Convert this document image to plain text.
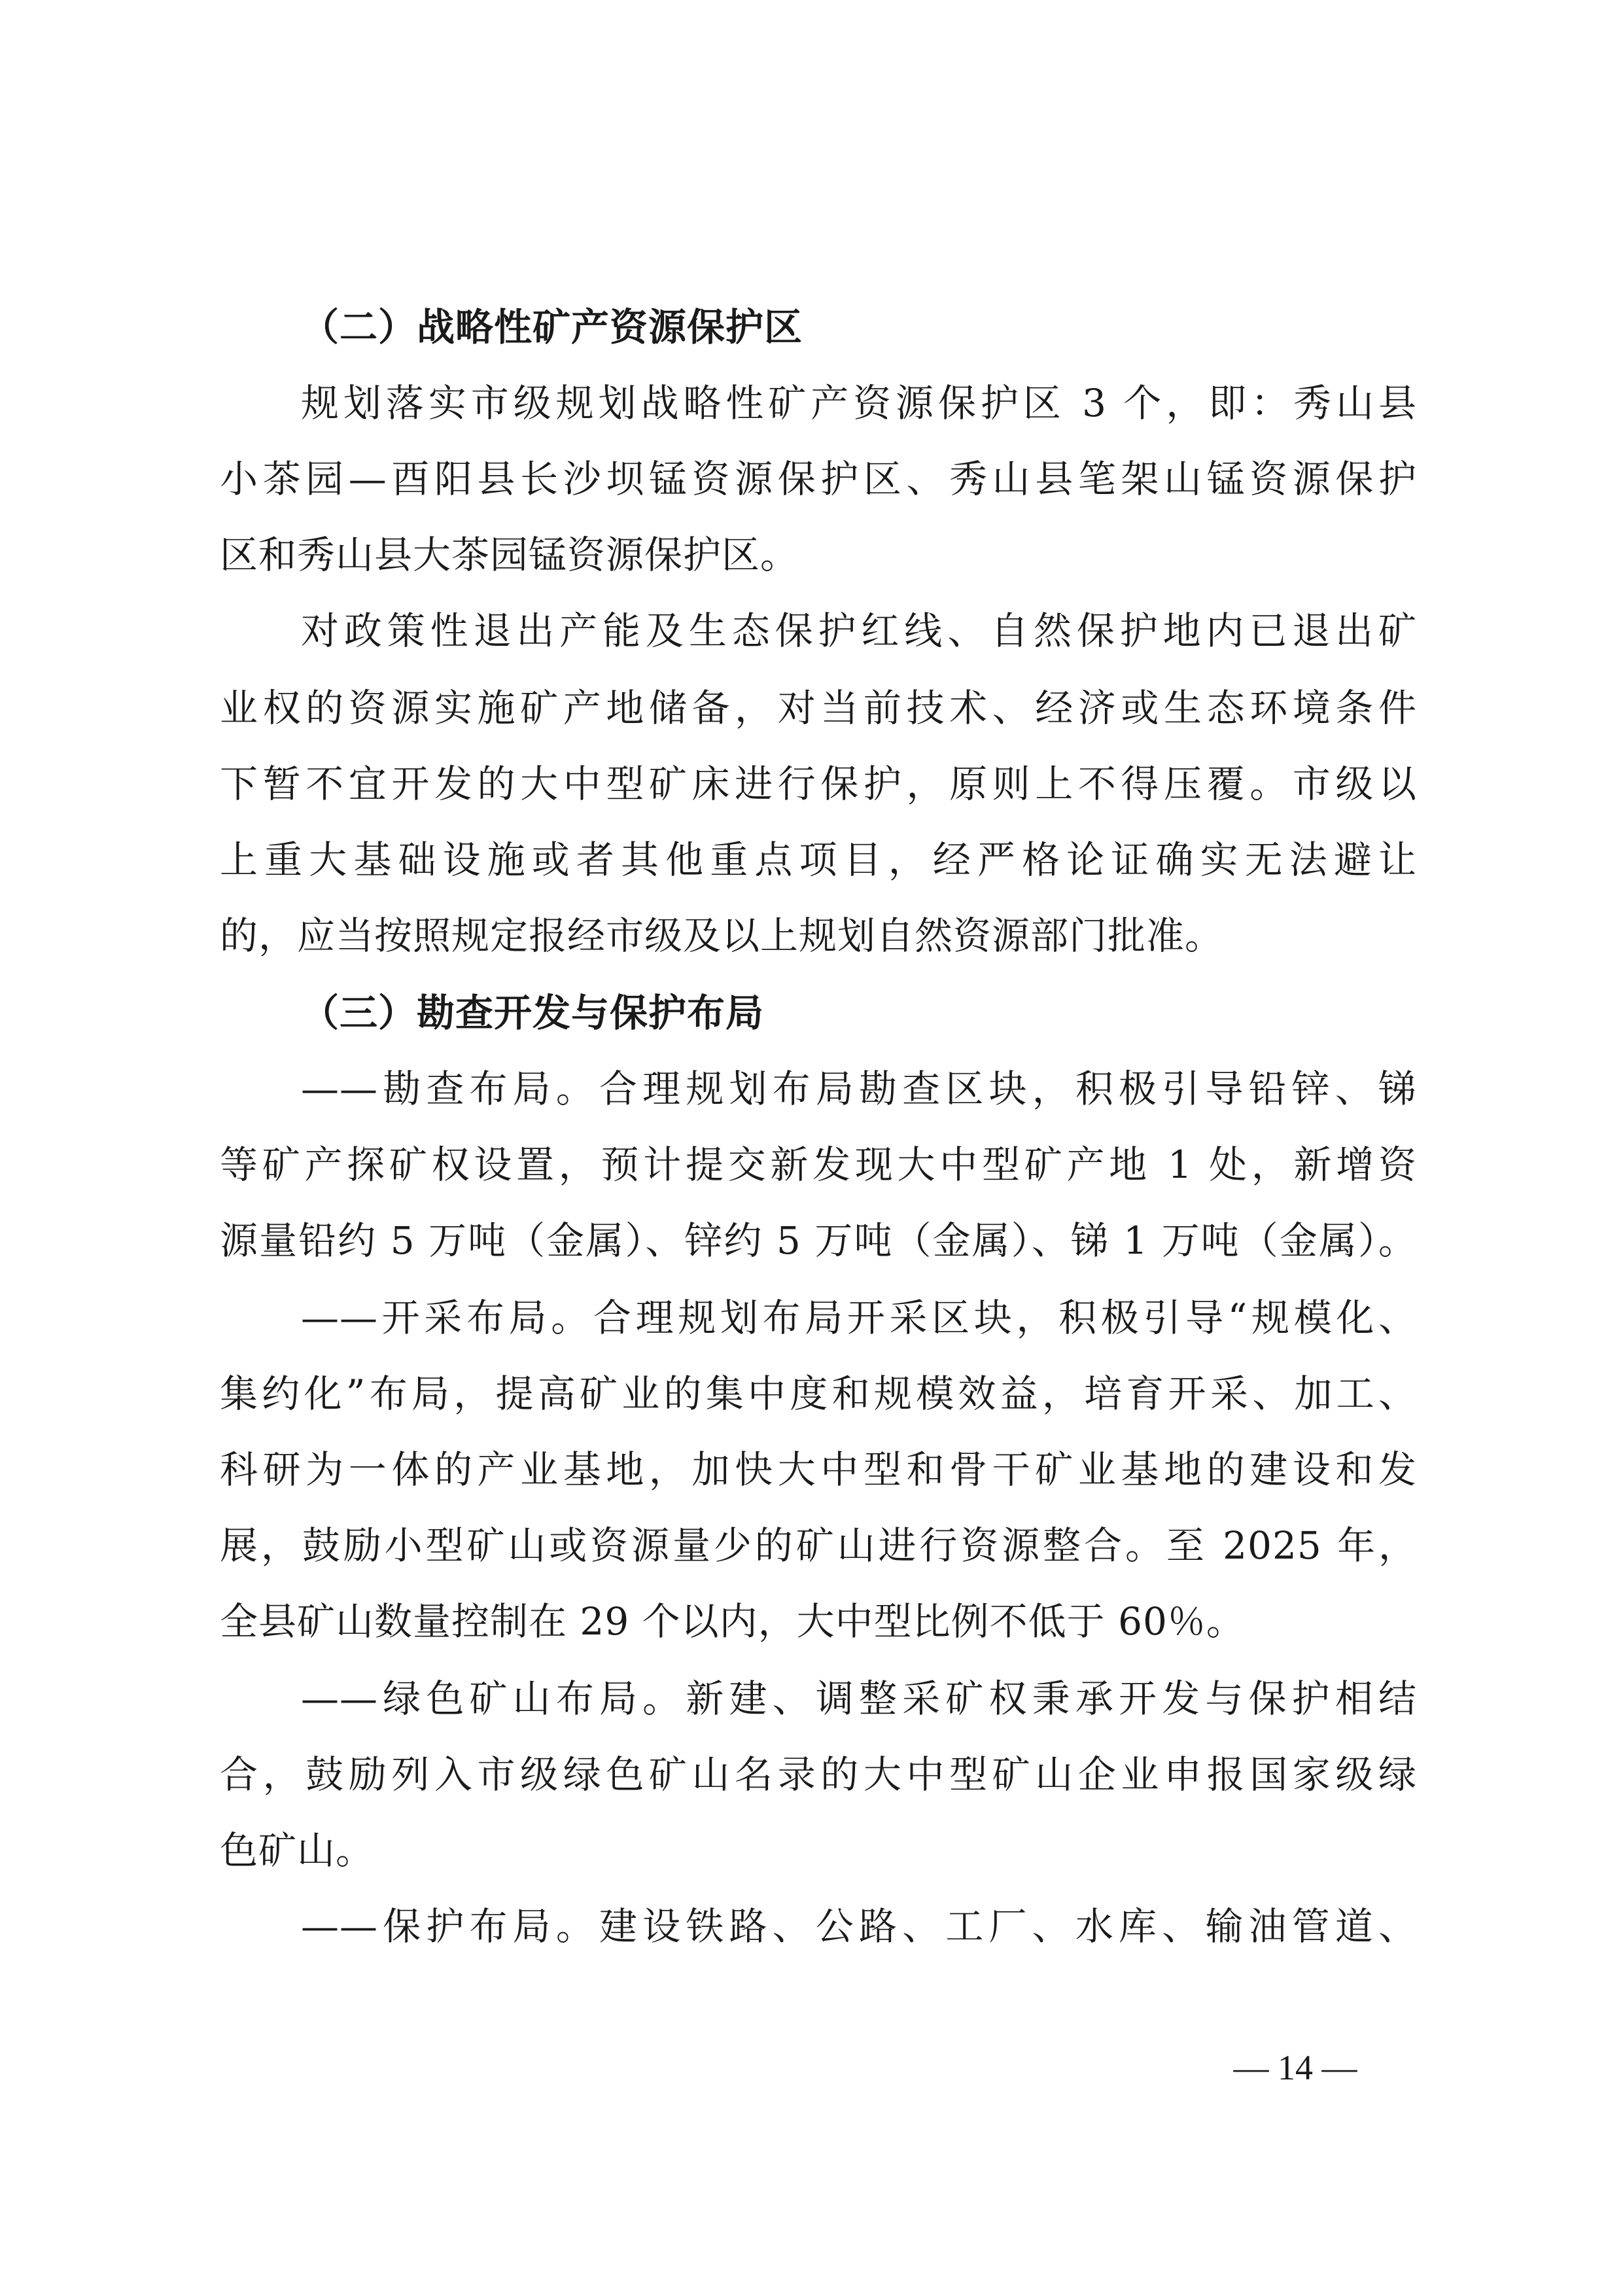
（二）战略性矿产资源保护区
规划落实市级规划战略性矿产资源保护区 3 个，即：秀山县
小茶园—酉阳县长沙坝锰资源保护区、秀山县笔架山锰资源保护
区和秀山县大茶园锰资源保护区。
对政策性退出产能及生态保护红线、自然保护地内已退出矿
业权的资源实施矿产地储备，对当前技术、经济或生态环境条件
下暂不宜开发的大中型矿床进行保护，原则上不得压覆。市级以
上重大基础设施或者其他重点项目，经严格论证确实无法避让
的，应当按照规定报经市级及以上规划自然资源部门批准。
（三）勘查开发与保护布局
——勘查布局。合理规划布局勘查区块，积极引导铅锌、锑
等矿产探矿权设置，预计提交新发现大中型矿产地 1 处，新增资
源量铅约 5 万吨（金属）、锌约 5 万吨（金属）、锑 1 万吨（金属）。
——开采布局。合理规划布局开采区块，积极引导“规模化、
集约化”布局，提高矿业的集中度和规模效益，培育开采、加工、
科研为一体的产业基地，加快大中型和骨干矿业基地的建设和发
展，鼓励小型矿山或资源量少的矿山进行资源整合。至 2025 年，
全县矿山数量控制在 29 个以内，大中型比例不低于 60％。
——绿色矿山布局。新建、调整采矿权秉承开发与保护相结
合，鼓励列入市级绿色矿山名录的大中型矿山企业申报国家级绿
色矿山。
——保护布局。建设铁路、公路、工厂、水库、输油管道、
— 14 —
